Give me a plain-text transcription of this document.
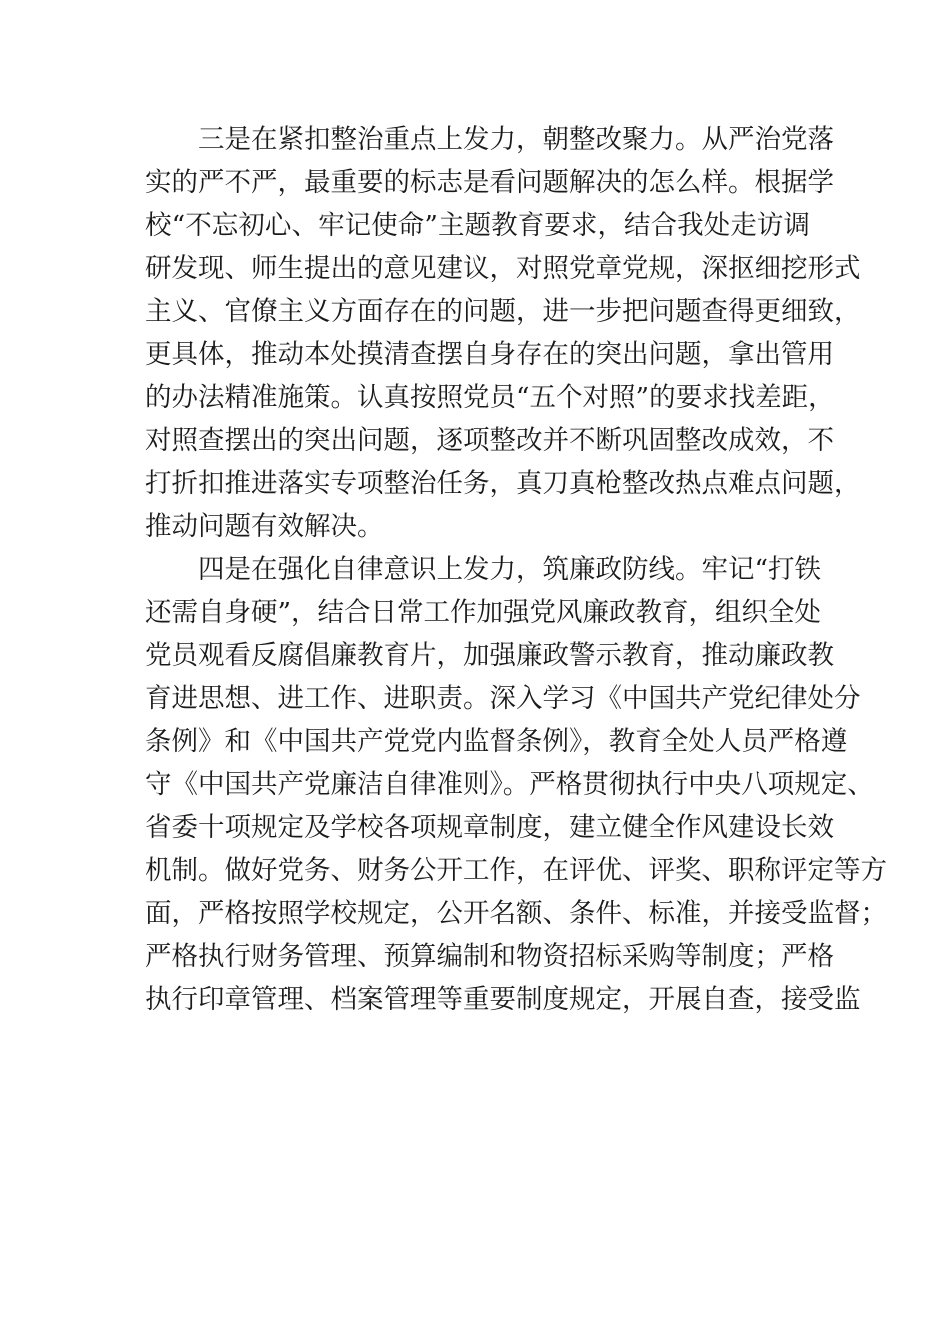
三是在紧扣整治重点上发力，朝整改聚力。从严治党落
实的严不严，最重要的标志是看问题解决的怎么样。根据学
校“不忘初心、牢记使命”主题教育要求，结合我处走访调
研发现、师生提出的意见建议，对照党章党规，深抠细挖形式
主义、官僚主义方面存在的问题，进一步把问题查得更细致，
更具体，推动本处摸清查摆自身存在的突出问题，拿出管用
的办法精准施策。认真按照党员“五个对照”的要求找差距，
对照查摆出的突出问题，逐项整改并不断巩固整改成效，不
打折扣推进落实专项整治任务，真刀真枪整改热点难点问题，
推动问题有效解决。
四是在强化自律意识上发力，筑廉政防线。牢记“打铁
还需自身硬”，结合日常工作加强党风廉政教育，组织全处
党员观看反腐倡廉教育片，加强廉政警示教育，推动廉政教
育进思想、进工作、进职责。深入学习《中国共产党纪律处分
条例》和《中国共产党党内监督条例》，教育全处人员严格遵
守《中国共产党廉洁自律准则》。严格贯彻执行中央八项规定、
省委十项规定及学校各项规章制度，建立健全作风建设长效
机制。做好党务、财务公开工作，在评优、评奖、职称评定等方
面，严格按照学校规定，公开名额、条件、标准，并接受监督；
严格执行财务管理、预算编制和物资招标采购等制度；严格
执行印章管理、档案管理等重要制度规定，开展自查，接受监
